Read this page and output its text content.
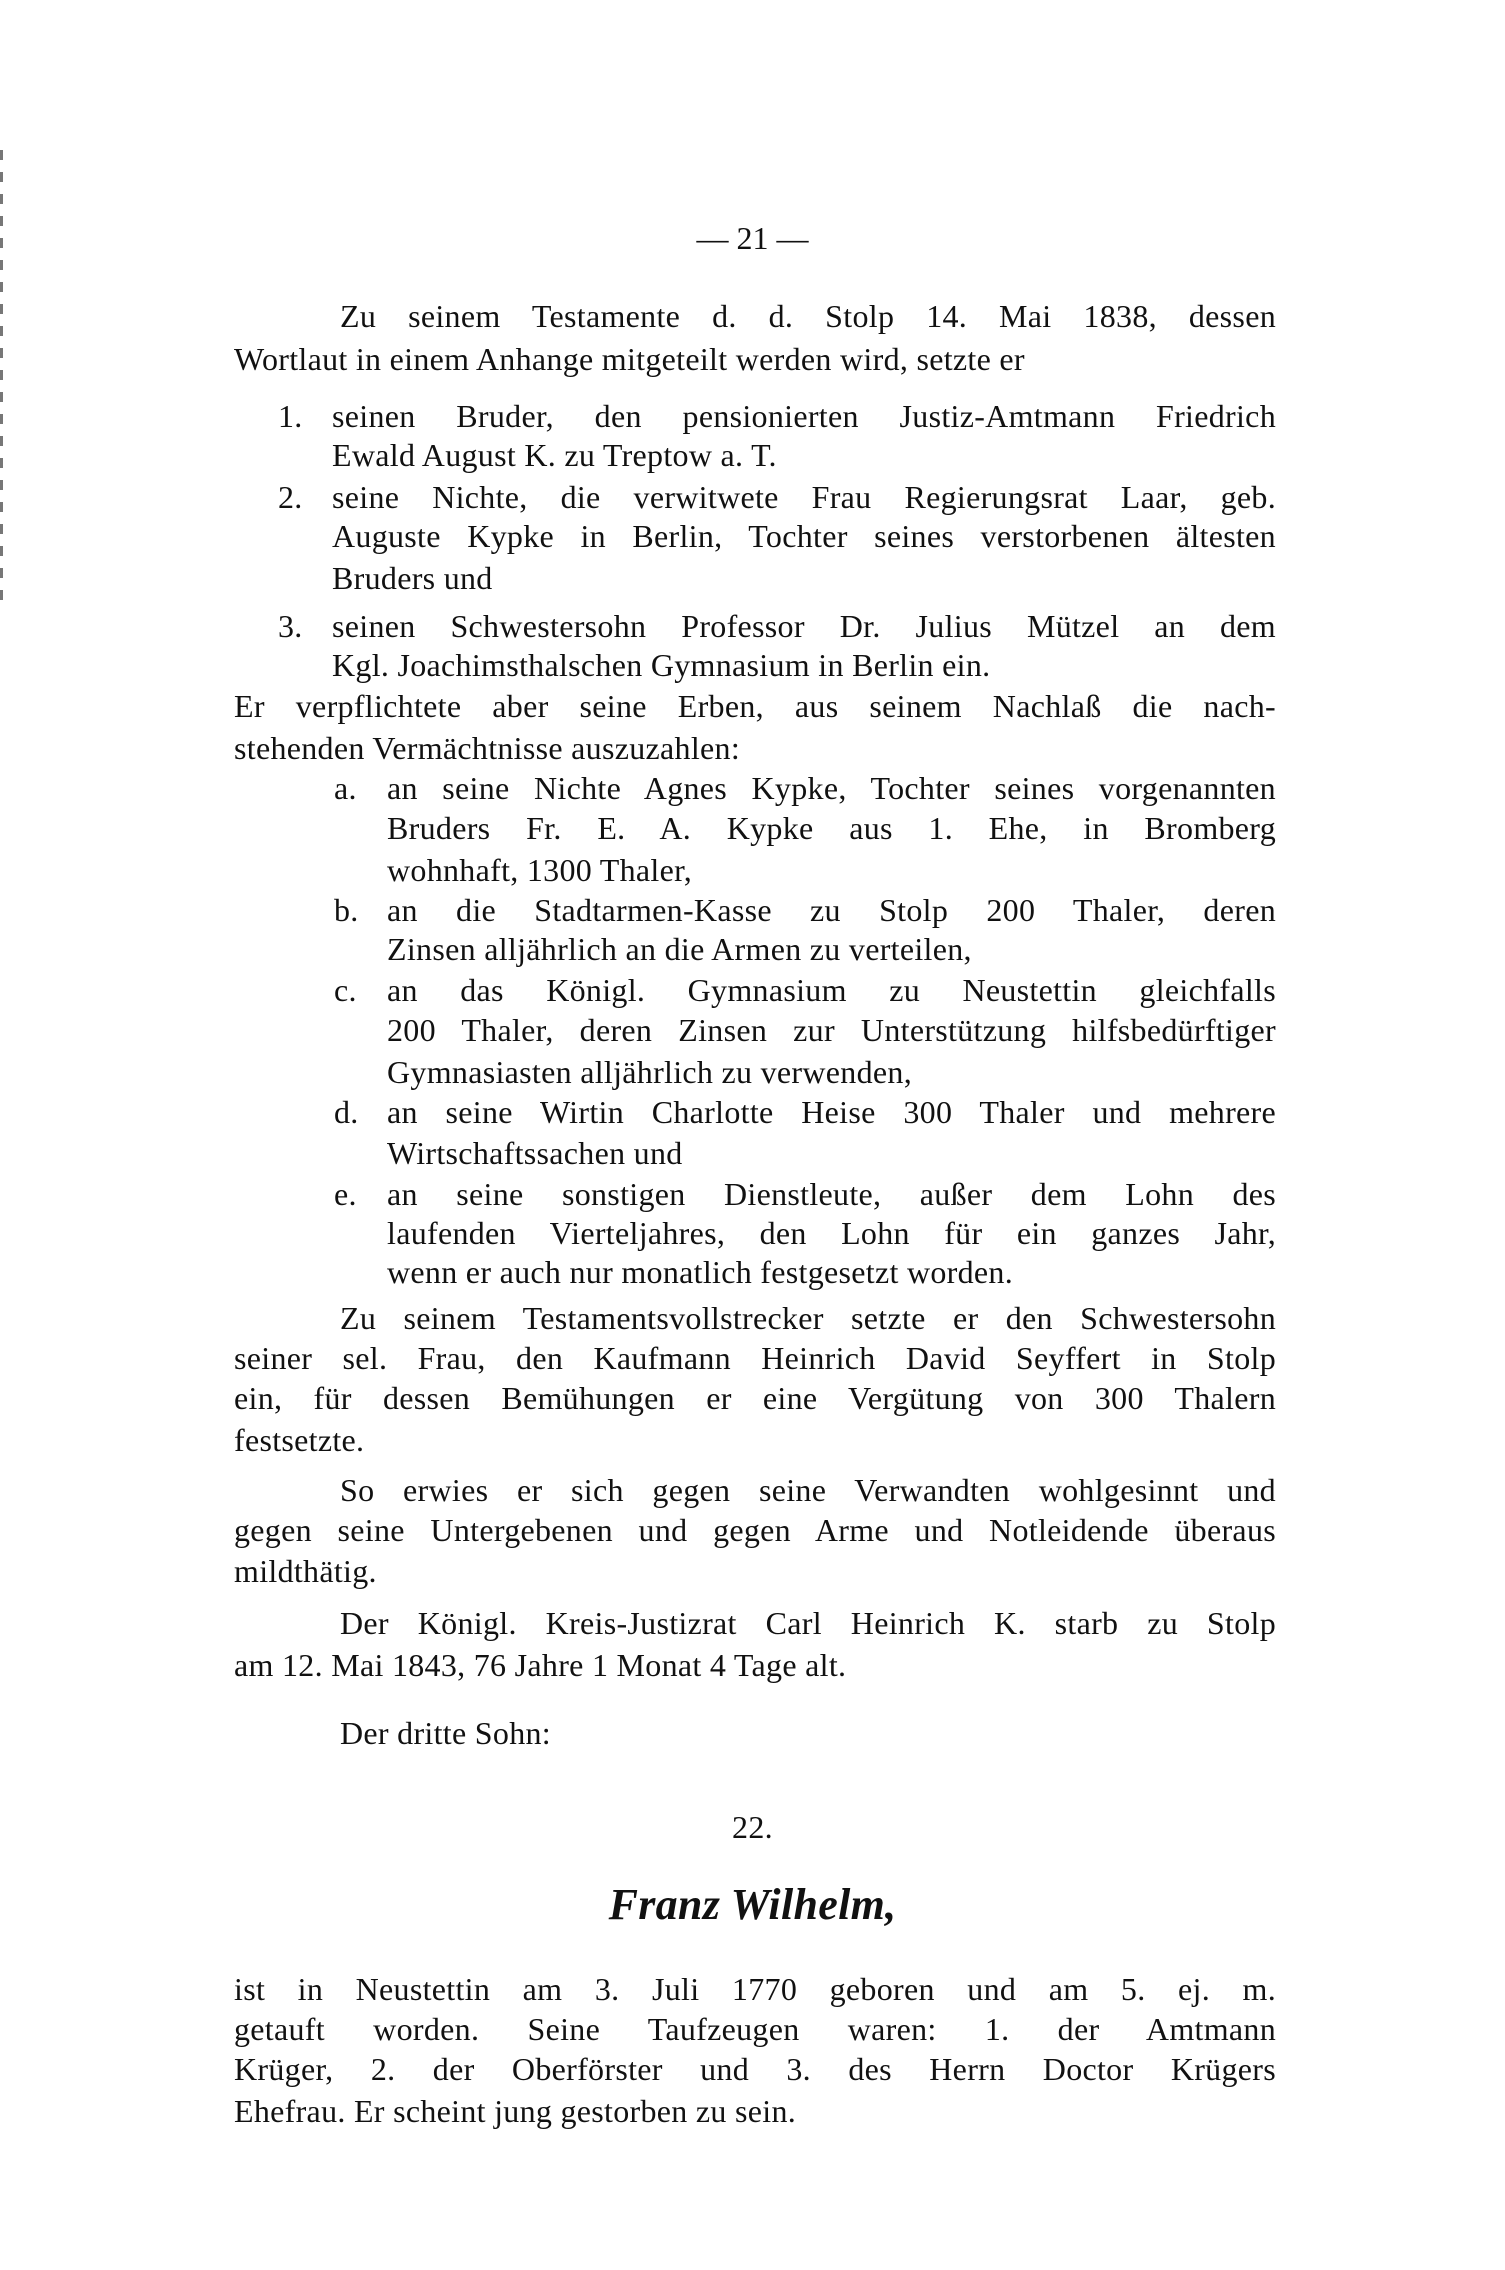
— 21 —
Zu seinem Testamente d. d. Stolp 14. Mai 1838, dessen
Wortlaut in einem Anhange mitgeteilt werden wird, setzte er
1. seinen Bruder, den pensionierten Justiz-Amtmann Friedrich
Ewald August K. zu Treptow a. T.
2. seine Nichte, die verwitwete Frau Regierungsrat Laar, geb.
Auguste Kypke in Berlin, Tochter seines verstorbenen ältesten
Bruders und
3. seinen Schwestersohn Professor Dr. Julius Mützel an dem
Kgl. Joachimsthalschen Gymnasium in Berlin ein.
Er verpflichtete aber seine Erben, aus seinem Nachlaß die nach-
stehenden Vermächtnisse auszuzahlen:
a. an seine Nichte Agnes Kypke, Tochter seines vorgenannten
Bruders Fr. E. A. Kypke aus 1. Ehe, in Bromberg
wohnhaft, 1300 Thaler,
b. an die Stadtarmen-Kasse zu Stolp 200 Thaler, deren
Zinsen alljährlich an die Armen zu verteilen,
c. an das Königl. Gymnasium zu Neustettin gleichfalls
200 Thaler, deren Zinsen zur Unterstützung hilfsbedürftiger
Gymnasiasten alljährlich zu verwenden,
d. an seine Wirtin Charlotte Heise 300 Thaler und mehrere
Wirtschaftssachen und
e. an seine sonstigen Dienstleute, außer dem Lohn des
laufenden Vierteljahres, den Lohn für ein ganzes Jahr,
wenn er auch nur monatlich festgesetzt worden.
Zu seinem Testamentsvollstrecker setzte er den Schwestersohn
seiner sel. Frau, den Kaufmann Heinrich David Seyffert in Stolp
ein, für dessen Bemühungen er eine Vergütung von 300 Thalern
festsetzte.
So erwies er sich gegen seine Verwandten wohlgesinnt und
gegen seine Untergebenen und gegen Arme und Notleidende überaus
mildthätig.
Der Königl. Kreis-Justizrat Carl Heinrich K. starb zu Stolp
am 12. Mai 1843, 76 Jahre 1 Monat 4 Tage alt.
Der dritte Sohn:
22.
Franz Wilhelm,
ist in Neustettin am 3. Juli 1770 geboren und am 5. ej. m.
getauft worden. Seine Taufzeugen waren: 1. der Amtmann
Krüger, 2. der Oberförster und 3. des Herrn Doctor Krügers
Ehefrau. Er scheint jung gestorben zu sein.
